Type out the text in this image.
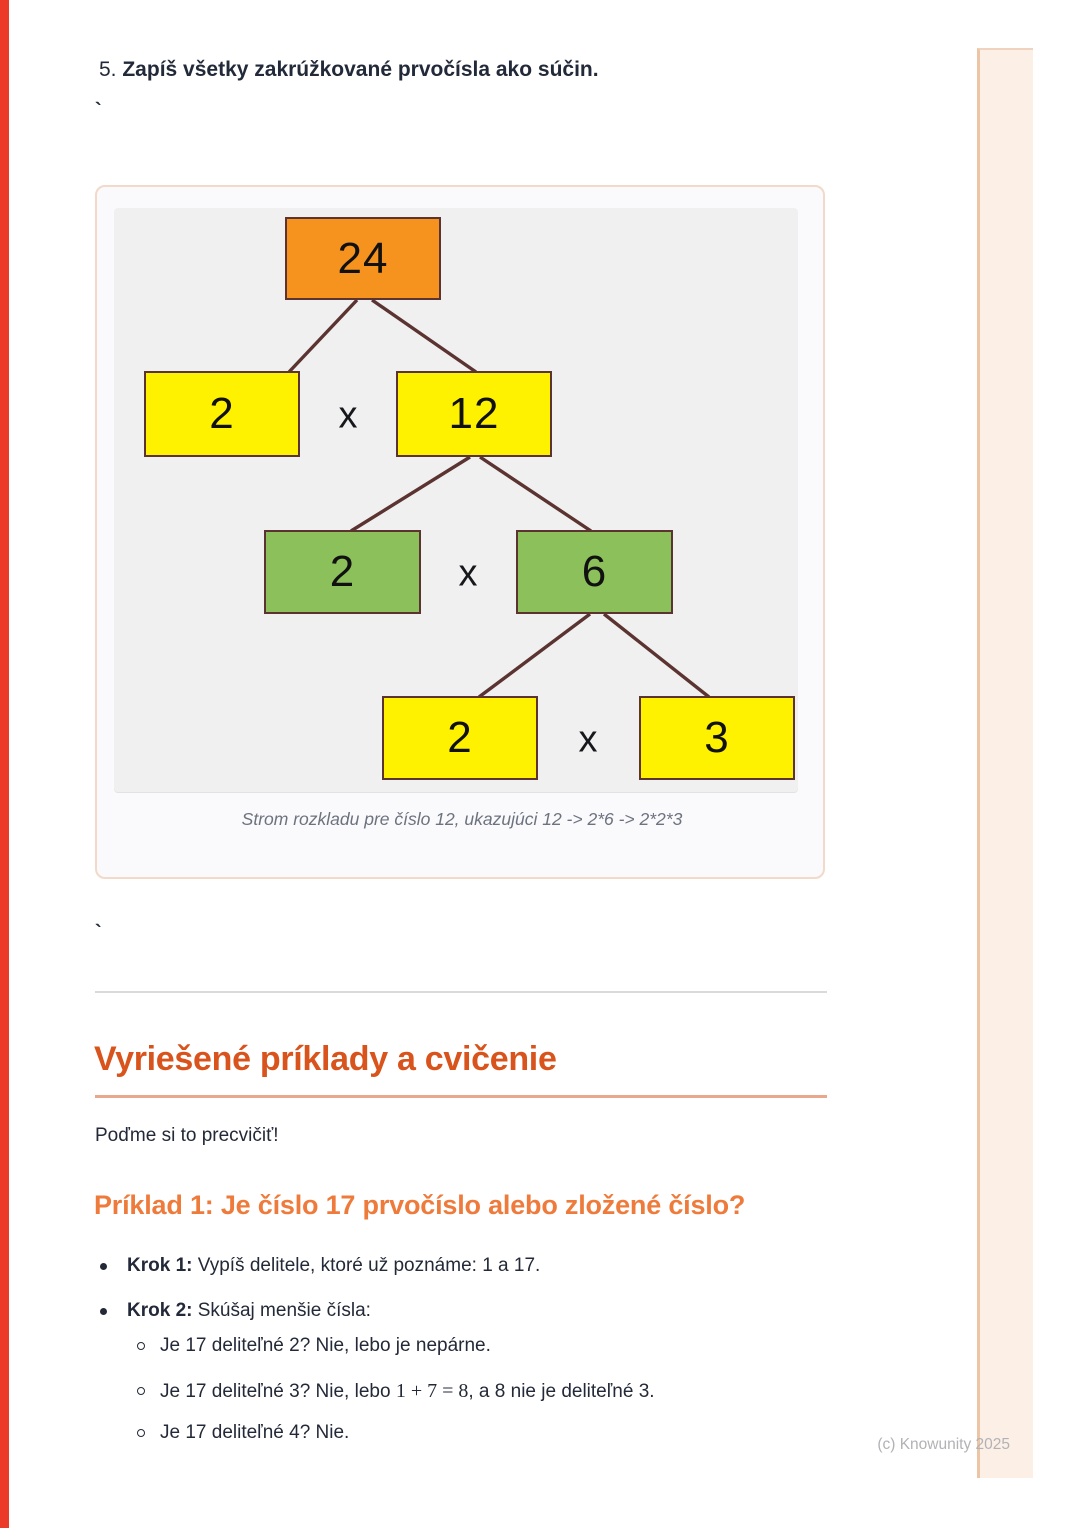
5. Zapíš všetky zakrúžkované prvočísla ako súčin.
`
24
2	12
2	6
2	3
x
x
x
Strom rozkladu pre číslo 12, ukazujúci 12 -> 2*6 -> 2*2*3
`
Vyriešené príklady a cvičenie
Poďme si to precvičiť!
Príklad 1: Je číslo 17 prvočíslo alebo zložené číslo?
Krok 1: Vypíš delitele, ktoré už poznáme: 1 a 17.
Krok 2: Skúšaj menšie čísla:
Je 17 deliteľné 2? Nie, lebo je nepárne.
Je 17 deliteľné 3? Nie, lebo 1 + 7 = 8, a 8 nie je deliteľné 3.
Je 17 deliteľné 4? Nie.
(c) Knowunity 2025
